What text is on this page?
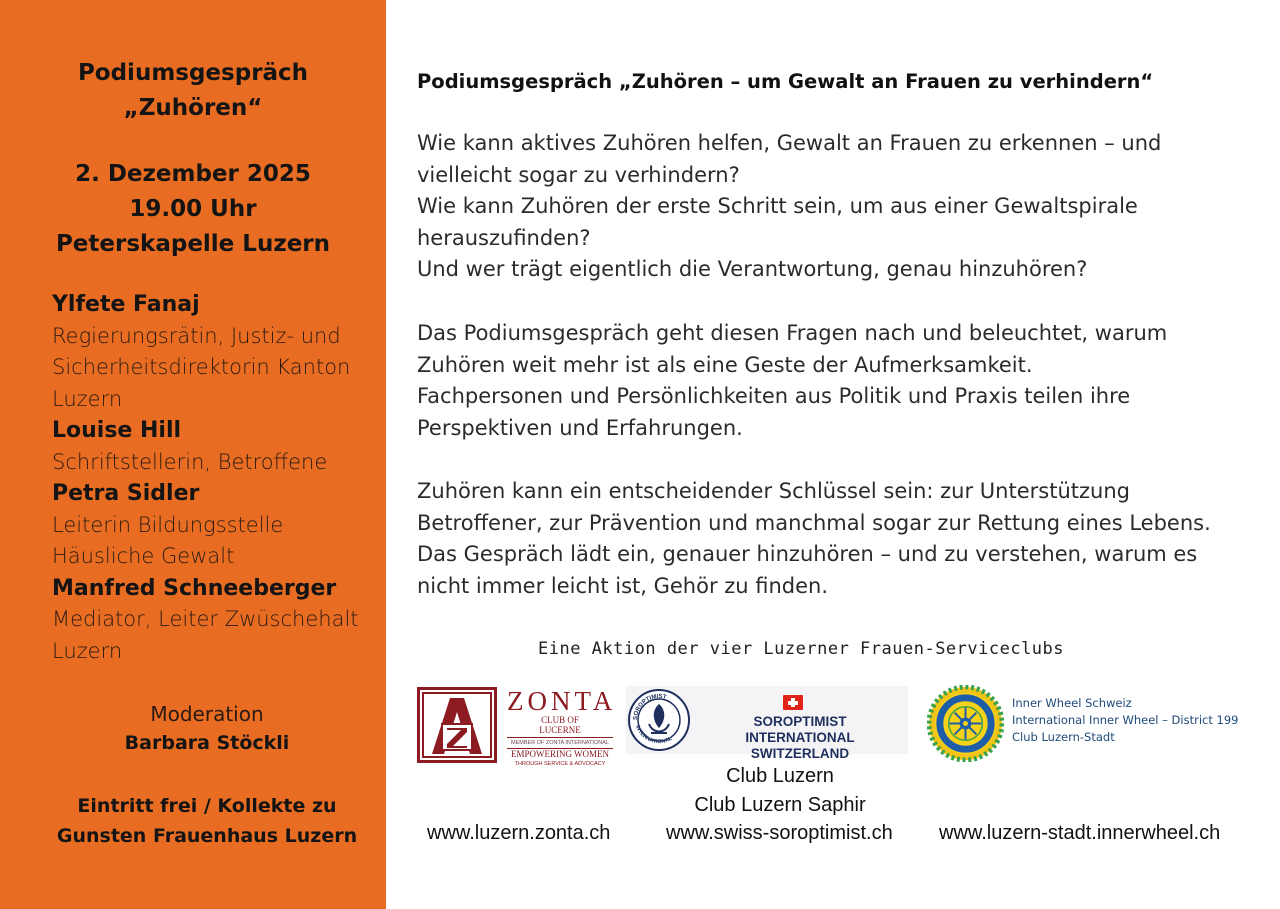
Podiumsgespräch
„Zuhören“
2. Dezember 2025
19.00 Uhr
Peterskapelle Luzern
Ylfete Fanaj
Regierungsrätin, Justiz- und
Sicherheitsdirektorin Kanton
Luzern
Louise Hill
Schriftstellerin, Betroffene
Petra Sidler
Leiterin Bildungsstelle
Häusliche Gewalt
Manfred Schneeberger
Mediator, Leiter Zwüschehalt
Luzern
Moderation
Barbara Stöckli
Eintritt frei / Kollekte zu
Gunsten Frauenhaus Luzern
Podiumsgespräch „Zuhören – um Gewalt an Frauen zu verhindern“
Wie kann aktives Zuhören helfen, Gewalt an Frauen zu erkennen – und
vielleicht sogar zu verhindern?
Wie kann Zuhören der erste Schritt sein, um aus einer Gewaltspirale
herauszufinden?
Und wer trägt eigentlich die Verantwortung, genau hinzuhören?
Das Podiumsgespräch geht diesen Fragen nach und beleuchtet, warum
Zuhören weit mehr ist als eine Geste der Aufmerksamkeit.
Fachpersonen und Persönlichkeiten aus Politik und Praxis teilen ihre
Perspektiven und Erfahrungen.
Zuhören kann ein entscheidender Schlüssel sein: zur Unterstützung
Betroffener, zur Prävention und manchmal sogar zur Rettung eines Lebens.
Das Gespräch lädt ein, genauer hinzuhören – und zu verstehen, warum es
nicht immer leicht ist, Gehör zu finden.
Eine Aktion der vier Luzerner Frauen-Serviceclubs
ZONTA
CLUB OF
LUCERNE
MEMBER OF ZONTA INTERNATIONAL
EMPOWERING WOMEN
THROUGH SERVICE & ADVOCACY
SOROPTIMIST
INTERNATIONAL
SOROPTIMIST INTERNATIONAL
SWITZERLAND
Inner Wheel Schweiz
International Inner Wheel – District 199
Club Luzern-Stadt
Club Luzern
Club Luzern Saphir
www.luzern.zonta.ch	www.swiss-soroptimist.ch www.luzern-stadt.innerwheel.ch
